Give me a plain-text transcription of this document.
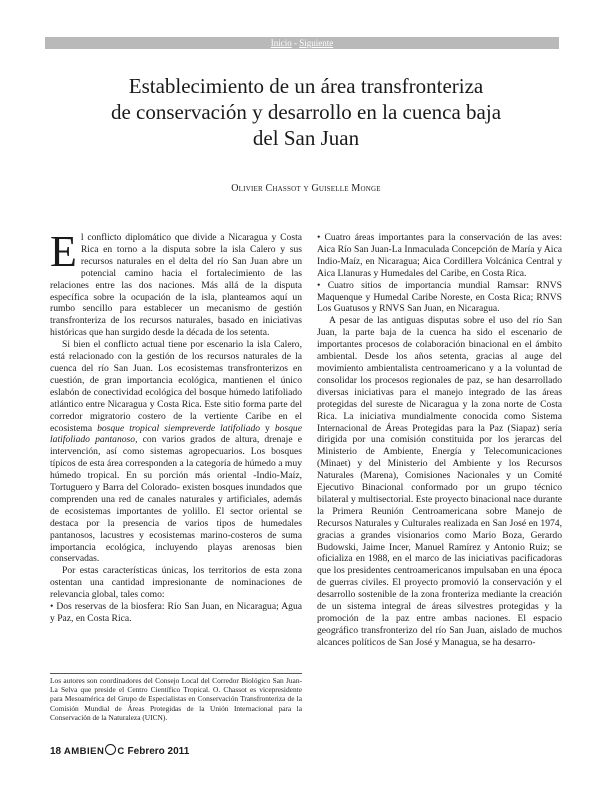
Inicio - Siguiente
Establecimiento de un área transfronteriza
de conservación y desarrollo en la cuenca baja
del San Juan
Olivier Chassot y Guiselle Monge

El conflicto diplomático que divide a Nicaragua y Costa Rica en torno a la disputa sobre la isla Calero y sus recursos naturales en el delta del río San Juan abre un potencial camino hacia el fortalecimiento de las relaciones entre las dos naciones. Más allá de la disputa específica sobre la ocupación de la isla, planteamos aquí un rumbo sencillo para establecer un mecanismo de gestión transfronteriza de los recursos naturales, basado en iniciativas históricas que han surgido desde la década de los setenta.

Si bien el conflicto actual tiene por escenario la isla Calero, está relacionado con la gestión de los recursos naturales de la cuenca del río San Juan. Los ecosistemas transfronterizos en cuestión, de gran importancia ecológica, mantienen el único eslabón de conectividad ecológica del bosque húmedo latifoliado atlántico entre Nicaragua y Costa Rica. Este sitio forma parte del corredor migratorio costero de la vertiente Caribe en el ecosistema bosque tropical siempreverde latifoliado y bosque latifoliado pantanoso, con varios grados de altura, drenaje e intervención, así como sistemas agropecuarios. Los bosques típicos de esta área corresponden a la categoría de húmedo a muy húmedo tropical. En su porción más oriental -Indio-Maíz, Tortuguero y Barra del Colorado- existen bosques inundados que comprenden una red de canales naturales y artificiales, además de ecosistemas importantes de yolillo. El sector oriental se destaca por la presencia de varios tipos de humedales pantanosos, lacustres y ecosistemas marino-costeros de suma importancia ecológica, incluyendo playas arenosas bien conservadas.

Por estas características únicas, los territorios de esta zona ostentan una cantidad impresionante de nominaciones de relevancia global, tales como:

• Dos reservas de la biosfera: Río San Juan, en Nicaragua; Agua y Paz, en Costa Rica.

• Cuatro áreas importantes para la conservación de las aves: Aica Río San Juan-La Inmaculada Concepción de María y Aica Indio-Maíz, en Nicaragua; Aica Cordillera Volcánica Central y Aica Llanuras y Humedales del Caribe, en Costa Rica.

• Cuatro sitios de importancia mundial Ramsar: RNVS Maquenque y Humedal Caribe Noreste, en Costa Rica; RNVS Los Guatusos y RNVS San Juan, en Nicaragua.

A pesar de las antiguas disputas sobre el uso del río San Juan, la parte baja de la cuenca ha sido el escenario de importantes procesos de colaboración binacional en el ámbito ambiental. Desde los años setenta, gracias al auge del movimiento ambientalista centroamericano y a la voluntad de consolidar los procesos regionales de paz, se han desarrollado diversas iniciativas para el manejo integrado de las áreas protegidas del sureste de Nicaragua y la zona norte de Costa Rica. La iniciativa mundialmente conocida como Sistema Internacional de Áreas Protegidas para la Paz (Siapaz) sería dirigida por una comisión constituida por los jerarcas del Ministerio de Ambiente, Energía y Telecomunicaciones (Minaet) y del Ministerio del Ambiente y los Recursos Naturales (Marena), Comisiones Nacionales y un Comité Ejecutivo Binacional conformado por un grupo técnico bilateral y multisectorial. Este proyecto binacional nace durante la Primera Reunión Centroamericana sobre Manejo de Recursos Naturales y Culturales realizada en San José en 1974, gracias a grandes visionarios como Mario Boza, Gerardo Budowski, Jaime Incer, Manuel Ramírez y Antonio Ruiz; se oficializa en 1988, en el marco de las iniciativas pacificadoras que los presidentes centroamericanos impulsaban en una época de guerras civiles. El proyecto promovió la conservación y el desarrollo sostenible de la zona fronteriza mediante la creación de un sistema integral de áreas silvestres protegidas y la promoción de la paz entre ambas naciones. El espacio geográfico transfronterizo del río San Juan, aislado de muchos alcances políticos de San José y Managua, se ha desarro-

Los autores son coordinadores del Consejo Local del Corredor Biológico San Juan-La Selva que preside el Centro Científico Tropical. O. Chassot es vicepresidente para Mesoamérica del Grupo de Especialistas en Conservación Transfronteriza de la Comisión Mundial de Áreas Protegidas de la Unión Internacional para la Conservación de la Naturaleza (UICN).

18 AMBIEN C Febrero 2011
